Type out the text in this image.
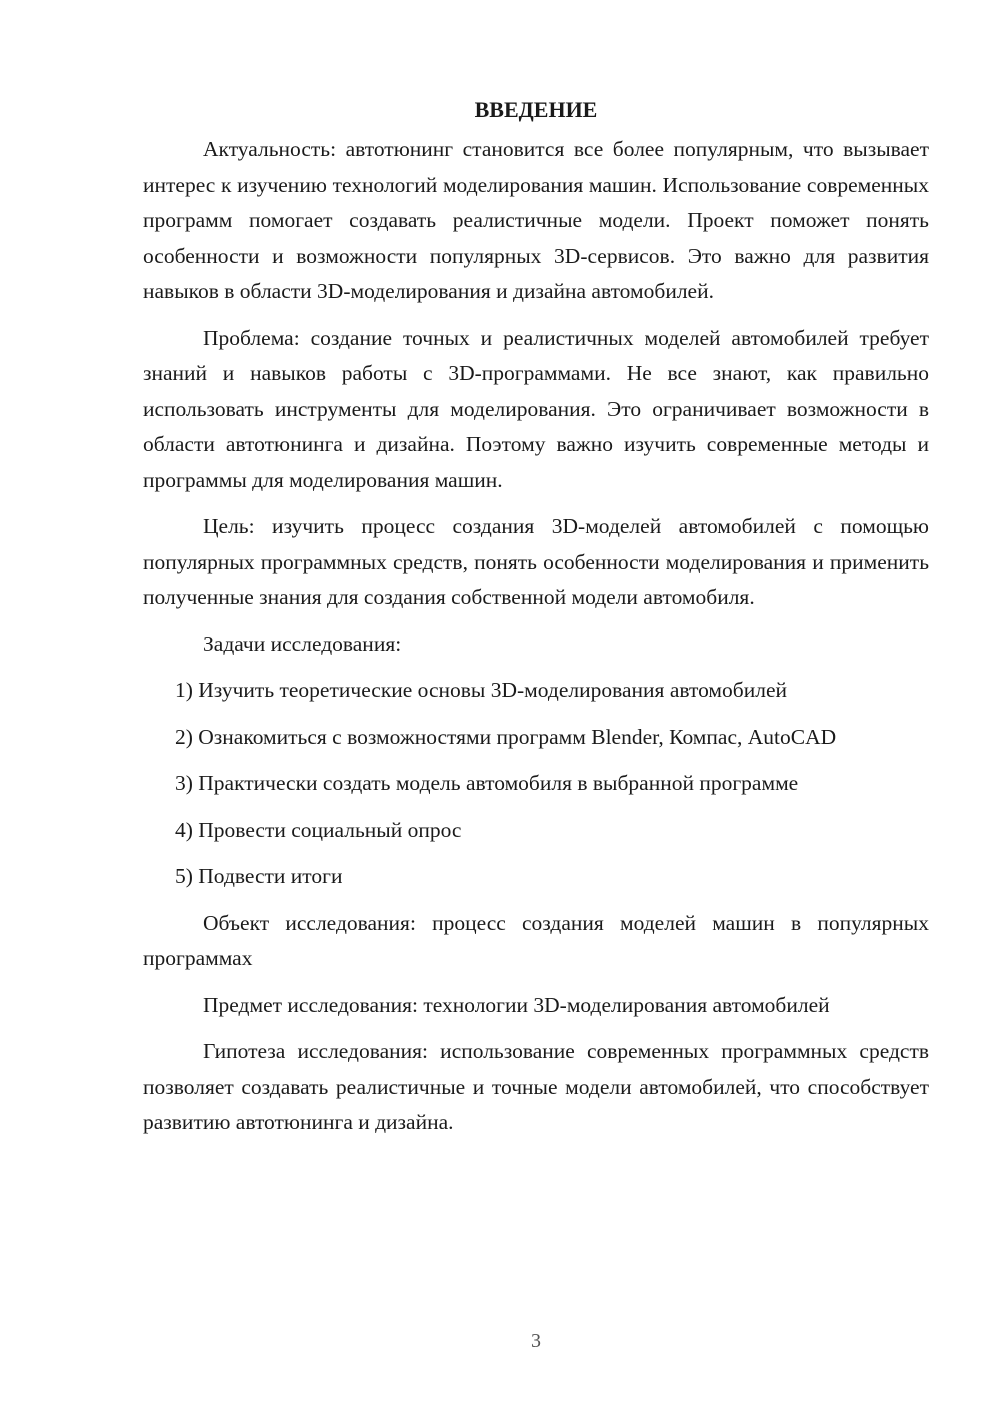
ВВЕДЕНИЕ

Актуальность: автотюнинг становится все более популярным, что вызывает интерес к изучению технологий моделирования машин. Использование современных программ помогает создавать реалистичные модели. Проект поможет понять особенности и возможности популярных 3D-сервисов. Это важно для развития навыков в области 3D-моделирования и дизайна автомобилей.

Проблема: создание точных и реалистичных моделей автомобилей требует знаний и навыков работы с 3D-программами. Не все знают, как правильно использовать инструменты для моделирования. Это ограничивает возможности в области автотюнинга и дизайна. Поэтому важно изучить современные методы и программы для моделирования машин.

Цель: изучить процесс создания 3D-моделей автомобилей с помощью популярных программных средств, понять особенности моделирования и применить полученные знания для создания собственной модели автомобиля.

Задачи исследования:

1) Изучить теоретические основы 3D-моделирования автомобилей

2) Ознакомиться с возможностями программ Blender, Компас, AutoCAD

3) Практически создать модель автомобиля в выбранной программе

4) Провести социальный опрос

5) Подвести итоги

Объект исследования: процесс создания моделей машин в популярных программах

Предмет исследования: технологии 3D-моделирования автомобилей

Гипотеза исследования: использование современных программных средств позволяет создавать реалистичные и точные модели автомобилей, что способствует развитию автотюнинга и дизайна.

3
